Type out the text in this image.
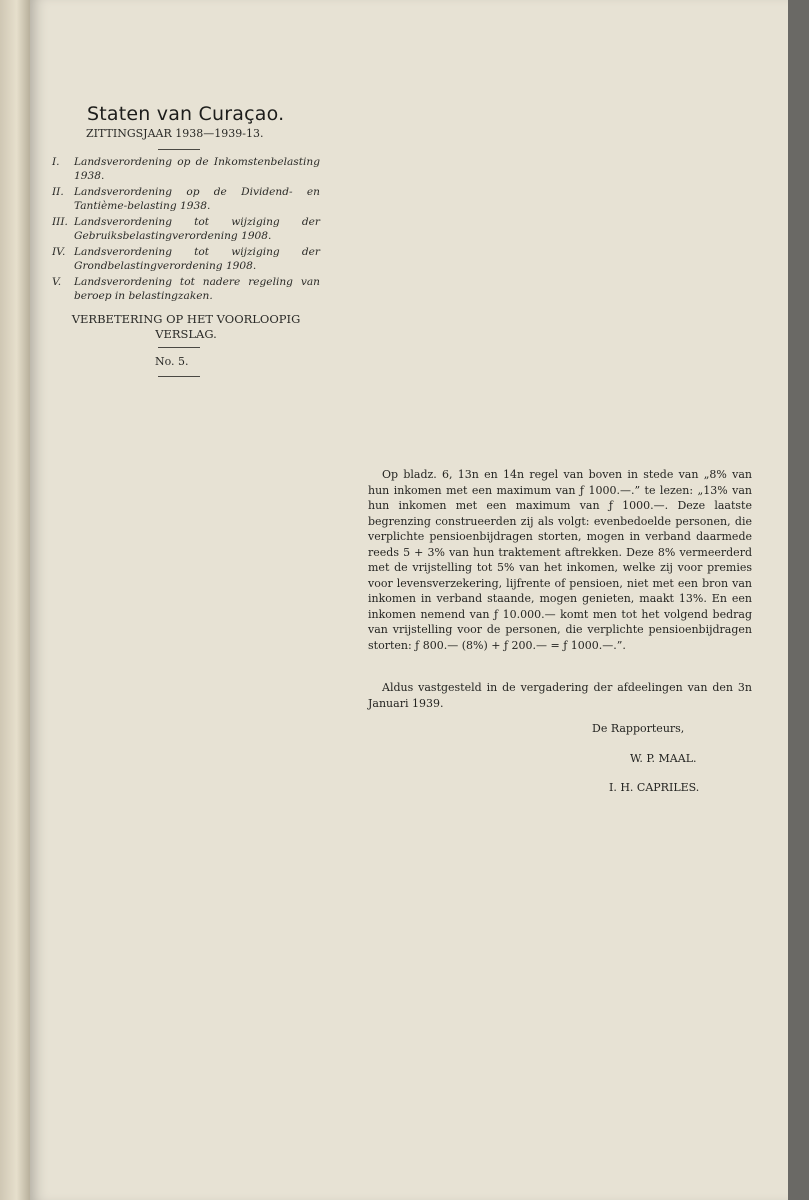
Staten van Curaçao.
ZITTINGSJAAR 1938—1939-13.
I.	Landsverordening op de Inkomstenbelasting 1938.
II. Landsverordening op de Dividend- en Tantième-belasting 1938.
III. Landsverordening tot wijziging der Gebruiksbelastingverordening 1908.
IV. Landsverordening tot wijziging der Grondbelastingverordening 1908.
V.	Landsverordening tot nadere regeling van beroep in belastingzaken.
VERBETERING OP HET VOORLOOPIG
VERSLAG.
No. 5.

Op bladz. 6, 13n en 14n regel van boven in stede van „8% van hun inkomen met een maximum van ƒ 1000.—.” te lezen: „13% van hun inkomen met een maximum van ƒ 1000.—. Deze laatste begrenzing construeerden zij als volgt: evenbedoelde personen, die verplichte pensioenbijdragen storten, mogen in verband daarmede reeds 5 + 3% van hun traktement aftrekken. Deze 8% vermeerderd met de vrijstelling tot 5% van het inkomen, welke zij voor premies voor levensverzekering, lijfrente of pensioen, niet met een bron van inkomen in verband staande, mogen genieten, maakt 13%. En een inkomen nemend van ƒ 10.000.— komt men tot het volgend bedrag van vrijstelling voor de personen, die verplichte pensioenbijdragen storten: ƒ 800.— (8%) + ƒ 200.— = ƒ 1000.—.”.

Aldus vastgesteld in de vergadering der afdeelingen van den 3n Januari 1939.
De Rapporteurs,
W. P. MAAL.
I. H. CAPRILES.
